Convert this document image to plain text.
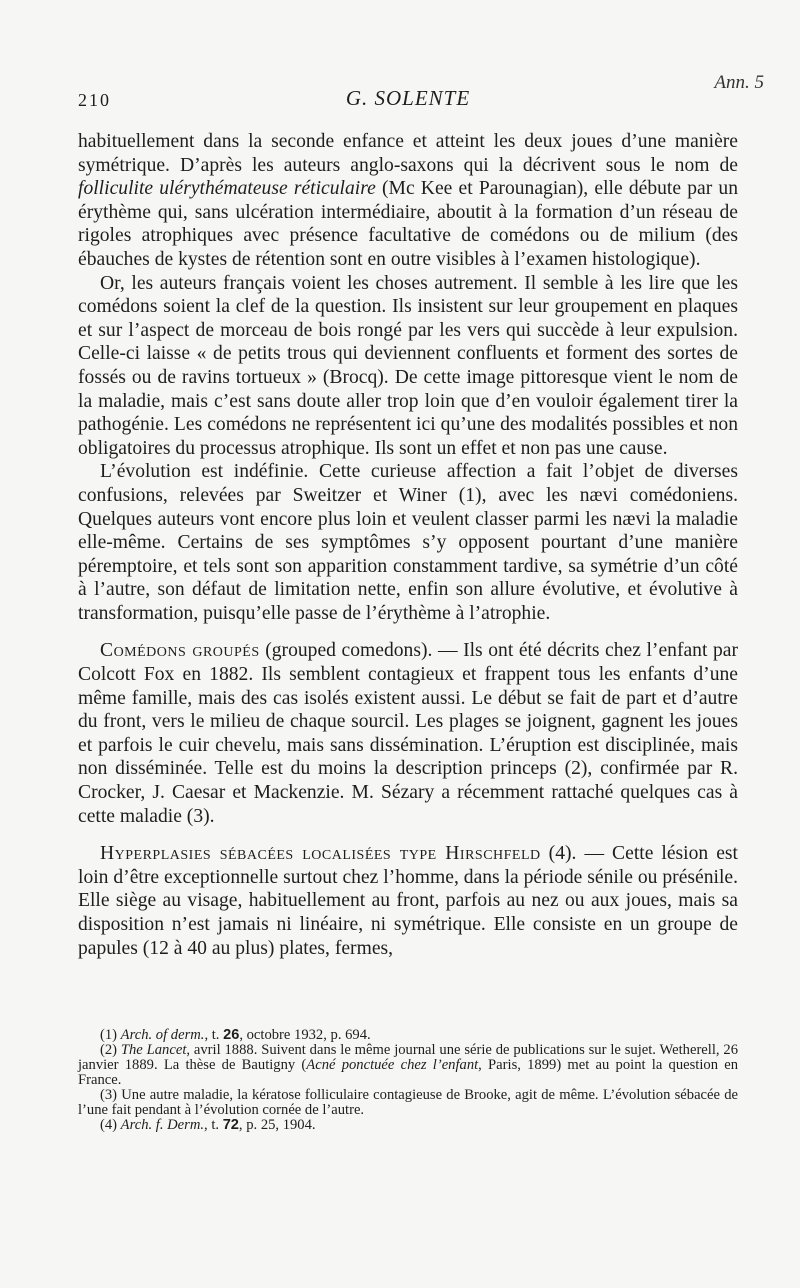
Ann. 5
210	G. SOLENTE

habituellement dans la seconde enfance et atteint les deux joues d’une manière symétrique. D’après les auteurs anglo-saxons qui la décrivent sous le nom de folliculite ulérythémateuse réticulaire (Mc Kee et Parounagian), elle débute par un érythème qui, sans ulcération intermédiaire, aboutit à la formation d’un réseau de rigoles atrophiques avec présence facultative de comédons ou de milium (des ébauches de kystes de rétention sont en outre visibles à l’examen histologique).

Or, les auteurs français voient les choses autrement. Il semble à les lire que les comédons soient la clef de la question. Ils insistent sur leur groupement en plaques et sur l’aspect de morceau de bois rongé par les vers qui succède à leur expulsion. Celle-ci laisse « de petits trous qui deviennent confluents et forment des sortes de fossés ou de ravins tortueux » (Brocq). De cette image pittoresque vient le nom de la maladie, mais c’est sans doute aller trop loin que d’en vouloir également tirer la pathogénie. Les comédons ne représentent ici qu’une des modalités possibles et non obligatoires du processus atrophique. Ils sont un effet et non pas une cause.

L’évolution est indéfinie. Cette curieuse affection a fait l’objet de diverses confusions, relevées par Sweitzer et Winer (1), avec les nævi comédoniens. Quelques auteurs vont encore plus loin et veulent classer parmi les nævi la maladie elle-même. Certains de ses symptômes s’y opposent pourtant d’une manière péremptoire, et tels sont son apparition constamment tardive, sa symétrie d’un côté à l’autre, son défaut de limitation nette, enfin son allure évolutive, et évolutive à transformation, puisqu’elle passe de l’érythème à l’atrophie.

Comédons groupés (grouped comedons). — Ils ont été décrits chez l’enfant par Colcott Fox en 1882. Ils semblent contagieux et frappent tous les enfants d’une même famille, mais des cas isolés existent aussi. Le début se fait de part et d’autre du front, vers le milieu de chaque sourcil. Les plages se joignent, gagnent les joues et parfois le cuir chevelu, mais sans dissémination. L’éruption est disciplinée, mais non disséminée. Telle est du moins la description princeps (2), confirmée par R. Crocker, J. Caesar et Mackenzie. M. Sézary a récemment rattaché quelques cas à cette maladie (3).

Hyperplasies sébacées localisées type Hirschfeld (4). — Cette lésion est loin d’être exceptionnelle surtout chez l’homme, dans la période sénile ou présénile. Elle siège au visage, habituellement au front, parfois au nez ou aux joues, mais sa disposition n’est jamais ni linéaire, ni symétrique. Elle consiste en un groupe de papules (12 à 40 au plus) plates, fermes,

(1) Arch. of derm., t. 26, octobre 1932, p. 694.

(2) The Lancet, avril 1888. Suivent dans le même journal une série de publications sur le sujet. Wetherell, 26 janvier 1889. La thèse de Bautigny (Acné ponctuée chez l’enfant, Paris, 1899) met au point la question en France.

(3) Une autre maladie, la kératose folliculaire contagieuse de Brooke, agit de même. L’évolution sébacée de l’une fait pendant à l’évolution cornée de l’autre.

(4) Arch. f. Derm., t. 72, p. 25, 1904.
